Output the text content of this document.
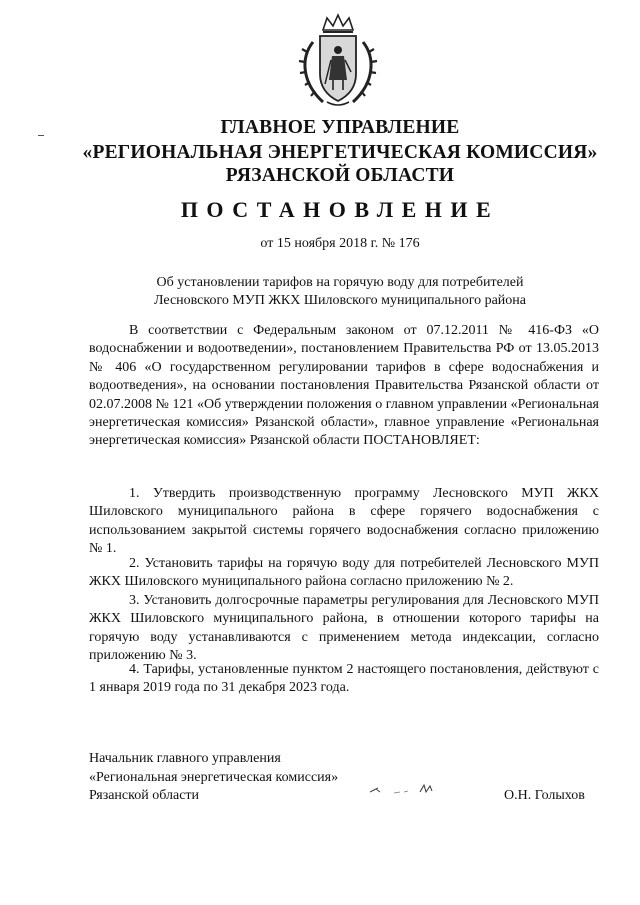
ГЛАВНОЕ УПРАВЛЕНИЕ
«РЕГИОНАЛЬНАЯ ЭНЕРГЕТИЧЕСКАЯ КОМИССИЯ»
РЯЗАНСКОЙ ОБЛАСТИ
ПОСТАНОВЛЕНИЕ
от 15 ноября 2018 г. № 176
Об установлении тарифов на горячую воду для потребителей
Лесновского МУП ЖКХ Шиловского муниципального района

В соответствии с Федеральным законом от 07.12.2011 № 416-ФЗ «О водоснабжении и водоотведении», постановлением Правительства РФ от 13.05.2013 № 406 «О государственном регулировании тарифов в сфере водоснабжения и водоотведения», на основании постановления Правительства Рязанской области от 02.07.2008 № 121 «Об утверждении положения о главном управлении «Региональная энергетическая комиссия» Рязанской области», главное управление «Региональная энергетическая комиссия» Рязанской области ПОСТАНОВЛЯЕТ:

1. Утвердить производственную программу Лесновского МУП ЖКХ Шиловского муниципального района в сфере горячего водоснабжения с использованием закрытой системы горячего водоснабжения согласно приложению № 1.

2. Установить тарифы на горячую воду для потребителей Лесновского МУП ЖКХ Шиловского муниципального района согласно приложению № 2.

3. Установить долгосрочные параметры регулирования для Лесновского МУП ЖКХ Шиловского муниципального района, в отношении которого тарифы на горячую воду устанавливаются с применением метода индексации, согласно приложению № 3.

4. Тарифы, установленные пунктом 2 настоящего постановления, действуют с 1 января 2019 года по 31 декабря 2023 года.

Начальник главного управления
«Региональная энергетическая комиссия»
Рязанской области	О.Н. Голыхов
